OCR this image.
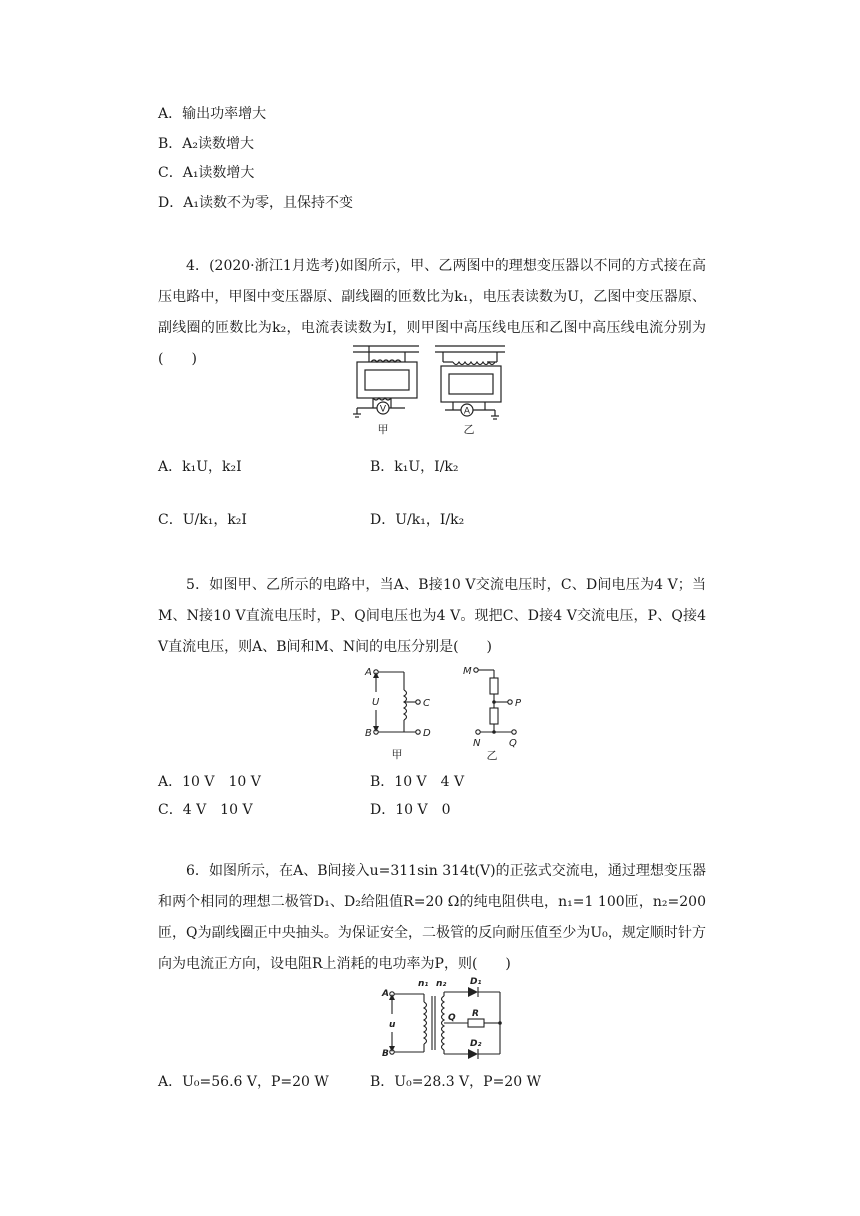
A．输出功率增大
B．A₂读数增大
C．A₁读数增大
D．A₁读数不为零，且保持不变
4．(2020·浙江1月选考)如图所示，甲、乙两图中的理想变压器以不同的方式接在高压电路中，甲图中变压器原、副线圈的匝数比为k₁，电压表读数为U，乙图中变压器原、副线圈的匝数比为k₂，电流表读数为I，则甲图中高压线电压和乙图中高压线电流分别为(　　)
V	A
甲	乙
A．k₁U，k₂I	B．k₁U，I/k₂
C．U/k₁，k₂I	D．U/k₁，I/k₂
5．如图甲、乙所示的电路中，当A、B接10 V交流电压时，C、D间电压为4 V；当M、N接10 V直流电压时，P、Q间电压也为4 V。现把C、D接4 V交流电压，P、Q接4 V直流电压，则A、B间和M、N间的电压分别是(　　)
A
B
C
D
U
M
N
P
Q
甲	乙
A．10 V　10 V	B．10 V　4 V
C．4 V　10 V	D．10 V　0
6．如图所示，在A、B间接入u=311sin 314t(V)的正弦式交流电，通过理想变压器和两个相同的理想二极管D₁、D₂给阻值R=20 Ω的纯电阻供电，n₁=1 100匝，n₂=200匝，Q为副线圈正中央抽头。为保证安全，二极管的反向耐压值至少为U₀，规定顺时针方向为电流正方向，设电阻R上消耗的电功率为P，则(　　)
A
B
u
n₁ n₂
Q R
D₁
D₂
A．U₀=56.6 V，P=20 W	B．U₀=28.3 V，P=20 W
